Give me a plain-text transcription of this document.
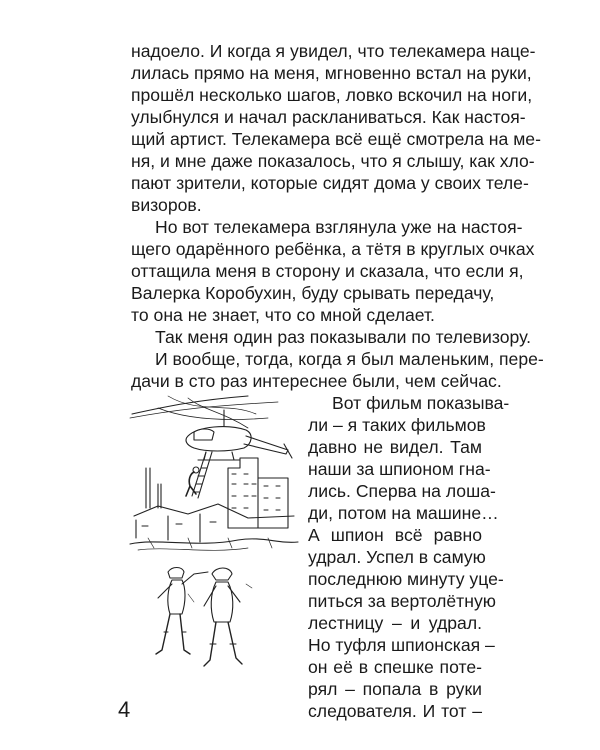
надоело. И когда я увидел, что телекамера наце-
лилась прямо на меня, мгновенно встал на руки,
прошёл несколько шагов, ловко вскочил на ноги,
улыбнулся и начал раскланиваться. Как настоя-
щий артист. Телекамера всё ещё смотрела на ме-
ня, и мне даже показалось, что я слышу, как хло-
пают зрители, которые сидят дома у своих теле-
визоров.
Но вот телекамера взглянула уже на настоя-
щего одарённого ребёнка, а тётя в круглых очках
оттащила меня в сторону и сказала, что если я,
Валерка Коробухин, буду срывать передачу,
то она не знает, что со мной сделает.
Так меня один раз показывали по телевизору.
И вообще, тогда, когда я был маленьким, пере-
дачи в сто раз интереснее были, чем сейчас.
Вот фильм показыва-
ли – я таких фильмов
давно не видел. Там
наши за шпионом гна-
лись. Сперва на лоша-
ди, потом на машине…
А шпион всё равно
удрал. Успел в самую
последнюю минуту уце-
питься за вертолётную
лестницу – и удрал.
Но туфля шпионская –
он её в спешке поте-
рял – попала в руки
следователя. И тот –
4
